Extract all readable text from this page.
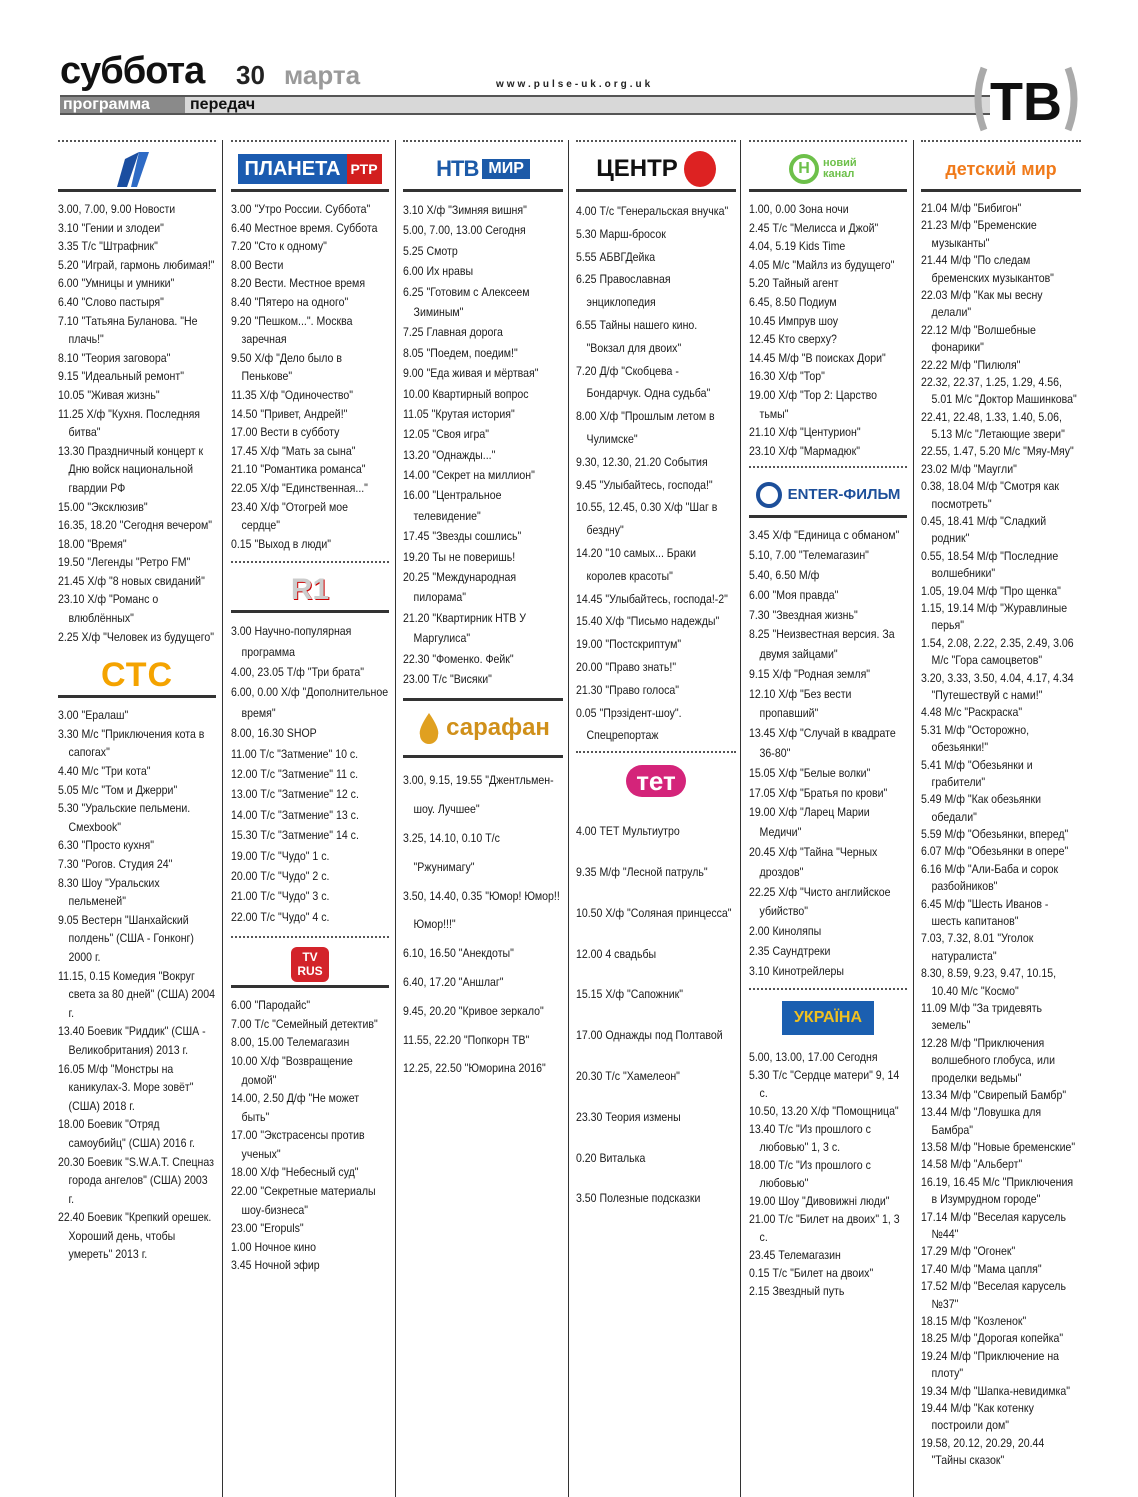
суббота 30 марта	www.pulse-uk.org.uk
программа	передач	ТВ
3.00, 7.00, 9.00 Новости
3.10 "Гении и злодеи"
3.35 Т/с "Штрафник"
5.20 "Играй, гармонь любимая!"
6.00 "Умницы и умники"
6.40 "Слово пастыря"
7.10 "Татьяна Буланова. "Не плачь!"
8.10 "Теория заговора"
9.15 "Идеальный ремонт"
10.05 "Живая жизнь"
11.25 Х/ф "Кухня. Последняя битва"
13.30 Праздничный концерт к Дню войск национальной гвардии РФ
15.00 "Эксклюзив"
16.35, 18.20 "Сегодня вечером"
18.00 "Время"
19.50 "Легенды "Ретро FM"
21.45 Х/ф "8 новых свиданий"
23.10 Х/ф "Романс о влюблённых"
2.25 Х/ф "Человек из будущего"
СТС
3.00 "Ералаш"
3.30 М/с "Приключения кота в сапогах"
4.40 М/с "Три кота"
5.05 М/с "Том и Джерри"
5.30 "Уральские пельмени. Смехbook"
6.30 "Просто кухня"
7.30 "Рогов. Студия 24"
8.30 Шоу "Уральских пельменей"
9.05 Вестерн "Шанхайский полдень" (США - Гонконг) 2000 г.
11.15, 0.15 Комедия "Вокруг света за 80 дней" (США) 2004 г.
13.40 Боевик "Риддик" (США - Великобритания) 2013 г.
16.05 М/ф "Монстры на каникулах-3. Море зовёт" (США) 2018 г.
18.00 Боевик "Отряд самоубийц" (США) 2016 г.
20.30 Боевик "S.W.A.T. Спецназ города ангелов" (США) 2003 г.
22.40 Боевик "Крепкий орешек. Хороший день, чтобы умереть" 2013 г.
ПЛАНЕТА РТР
3.00 "Утро России. Суббота"
6.40 Местное время. Суббота
7.20 "Сто к одному"
8.00 Вести
8.20 Вести. Местное время
8.40 "Пятеро на одного"
9.20 "Пешком...". Москва заречная
9.50 Х/ф "Дело было в Пенькове"
11.35 Х/ф "Одиночество"
14.50 "Привет, Андрей!"
17.00 Вести в субботу
17.45 Х/ф "Мать за сына"
21.10 "Романтика романса"
22.05 Х/ф "Единственная..."
23.40 Х/ф "Отогрей мое сердце"
0.15 "Выход в люди"
R1
3.00 Научно-популярная программа
4.00, 23.05 Т/ф "Три брата"
6.00, 0.00 Х/ф "Дополнительное время"
8.00, 16.30 SHOP
11.00 Т/с "Затмение" 10 с.
12.00 Т/с "Затмение" 11 с.
13.00 Т/с "Затмение" 12 с.
14.00 Т/с "Затмение" 13 с.
15.30 Т/с "Затмение" 14 с.
19.00 Т/с "Чудо" 1 с.
20.00 Т/с "Чудо" 2 с.
21.00 Т/с "Чудо" 3 с.
22.00 Т/с "Чудо" 4 с.
TV RUS
6.00 "Пародайс"
7.00 Т/с "Семейный детектив"
8.00, 15.00 Телемагазин
10.00 Х/ф "Возвращение домой"
14.00, 2.50 Д/ф "Не может быть"
17.00 "Экстрасенсы против ученых"
18.00 Х/ф "Небесный суд"
22.00 "Секретные материалы шоу-бизнеса"
23.00 "Eropuls"
1.00 Ночное кино
3.45 Ночной эфир
НТВ МИР
3.10 Х/ф "Зимняя вишня"
5.00, 7.00, 13.00 Сегодня
5.25 Смотр
6.00 Их нравы
6.25 "Готовим с Алексеем Зиминым"
7.25 Главная дорога
8.05 "Поедем, поедим!"
9.00 "Еда живая и мёртвая"
10.00 Квартирный вопрос
11.05 "Крутая история"
12.05 "Своя игра"
13.20 "Однажды..."
14.00 "Секрет на миллион"
16.00 "Центральное телевидение"
17.45 "Звезды сошлись"
19.20 Ты не поверишь!
20.25 "Международная пилорама"
21.20 "Квартирник НТВ У Маргулиса"
22.30 "Фоменко. Фейк"
23.00 Т/с "Висяки"
сарафан
3.00, 9.15, 19.55 "Джентльмен-шоу. Лучшее"
3.25, 14.10, 0.10 Т/с "Ржунимагу"
3.50, 14.40, 0.35 "Юмор! Юмор!! Юмор!!!"
6.10, 16.50 "Анекдоты"
6.40, 17.20 "Аншлаг"
9.45, 20.20 "Кривое зеркало"
11.55, 22.20 "Попкорн ТВ"
12.25, 22.50 "Юморина 2016"
ЦЕНТР
4.00 Т/с "Генеральская внучка"
5.30 Марш-бросок
5.55 АБВГДейка
6.25 Православная энциклопедия
6.55 Тайны нашего кино. "Вокзал для двоих"
7.20 Д/ф "Скобцева - Бондарчук. Одна судьба"
8.00 Х/ф "Прошлым летом в Чулимске"
9.30, 12.30, 21.20 События
9.45 "Улыбайтесь, господа!"
10.55, 12.45, 0.30 Х/ф "Шаг в бездну"
14.20 "10 самых... Браки королев красоты"
14.45 "Улыбайтесь, господа!-2"
15.40 Х/ф "Письмо надежды"
19.00 "Постскриптум"
20.00 "Право знать!"
21.30 "Право голоса"
0.05 "Прэзідент-шоу". Спецрепортаж
тет
4.00 ТЕТ Мультиутро
9.35 М/ф "Лесной патруль"
10.50 Х/ф "Соляная принцесса"
12.00 4 свадьбы
15.15 Х/ф "Сапожник"
17.00 Однажды под Полтавой
20.30 Т/с "Хамелеон"
23.30 Теория измены
0.20 Виталька
3.50 Полезные подсказки
Н	новий канал
1.00, 0.00 Зона ночи
2.45 Т/с "Мелисса и Джой"
4.04, 5.19 Kids Time
4.05 М/с "Майлз из будущего"
5.20 Тайный агент
6.45, 8.50 Подиум
10.45 Импрув шоу
12.45 Кто сверху?
14.45 М/ф "В поисках Дори"
16.30 Х/ф "Тор"
19.00 Х/ф "Тор 2: Царство тьмы"
21.10 Х/ф "Центурион"
23.10 Х/ф "Мармадюк"
ENTER-ФИЛЬМ
3.45 Х/ф "Единица с обманом"
5.10, 7.00 "Телемагазин"
5.40, 6.50 М/ф
6.00 "Моя правда"
7.30 "Звездная жизнь"
8.25 "Неизвестная версия. За двумя зайцами"
9.15 Х/ф "Родная земля"
12.10 Х/ф "Без вести пропавший"
13.45 Х/ф "Случай в квадрате 36-80"
15.05 Х/ф "Белые волки"
17.05 Х/ф "Братья по крови"
19.00 Х/ф "Ларец Марии Медичи"
20.45 Х/ф "Тайна "Черных дроздов"
22.25 Х/ф "Чисто английское убийство"
2.00 Киноляпы
2.35 Саундтреки
3.10 Кинотрейлеры
УКРАЇНА
5.00, 13.00, 17.00 Сегодня
5.30 Т/с "Сердце матери" 9, 14 с.
10.50, 13.20 Х/ф "Помощница"
13.40 Т/с "Из прошлого с любовью" 1, 3 с.
18.00 Т/с "Из прошлого с любовью"
19.00 Шоу "Дивовижні люди"
21.00 Т/с "Билет на двоих" 1, 3 с.
23.45 Телемагазин
0.15 Т/с "Билет на двоих"
2.15 Звездный путь
детский мир
21.04 М/ф "Бибигон"
21.23 М/ф "Бременские музыканты"
21.44 М/ф "По следам бременских музыкантов"
22.03 М/ф "Как мы весну делали"
22.12 М/ф "Волшебные фонарики"
22.22 М/ф "Пилюля"
22.32, 22.37, 1.25, 1.29, 4.56, 5.01 М/с "Доктор Машинкова"
22.41, 22.48, 1.33, 1.40, 5.06, 5.13 М/с "Летающие звери"
22.55, 1.47, 5.20 М/с "Мяу-Мяу"
23.02 М/ф "Маугли"
0.38, 18.04 М/ф "Смотря как посмотреть"
0.45, 18.41 М/ф "Сладкий родник"
0.55, 18.54 М/ф "Последние волшебники"
1.05, 19.04 М/ф "Про щенка"
1.15, 19.14 М/ф "Журавлиные перья"
1.54, 2.08, 2.22, 2.35, 2.49, 3.06 М/с "Гора самоцветов"
3.20, 3.33, 3.50, 4.04, 4.17, 4.34 "Путешествуй с нами!"
4.48 М/с "Раскраска"
5.31 М/ф "Осторожно, обезьянки!"
5.41 М/ф "Обезьянки и грабители"
5.49 М/ф "Как обезьянки обедали"
5.59 М/ф "Обезьянки, вперед"
6.07 М/ф "Обезьянки в опере"
6.16 М/ф "Али-Баба и сорок разбойников"
6.45 М/ф "Шесть Иванов - шесть капитанов"
7.03, 7.32, 8.01 "Уголок натуралиста"
8.30, 8.59, 9.23, 9.47, 10.15, 10.40 М/с "Космо"
11.09 М/ф "За тридевять земель"
12.28 М/ф "Приключения волшебного глобуса, или проделки ведьмы"
13.34 М/ф "Свирепый Бамбр"
13.44 М/ф "Ловушка для Бамбра"
13.58 М/ф "Новые бременские"
14.58 М/ф "Альберт"
16.19, 16.45 М/с "Приключения в Изумрудном городе"
17.14 М/ф "Веселая карусель №44"
17.29 М/ф "Огонек"
17.40 М/ф "Мама цапля"
17.52 М/ф "Веселая карусель №37"
18.15 М/ф "Козленок"
18.25 М/ф "Дорогая копейка"
19.24 М/ф "Приключение на плоту"
19.34 М/ф "Шапка-невидимка"
19.44 М/ф "Как котенку построили дом"
19.58, 20.12, 20.29, 20.44 "Тайны сказок"
